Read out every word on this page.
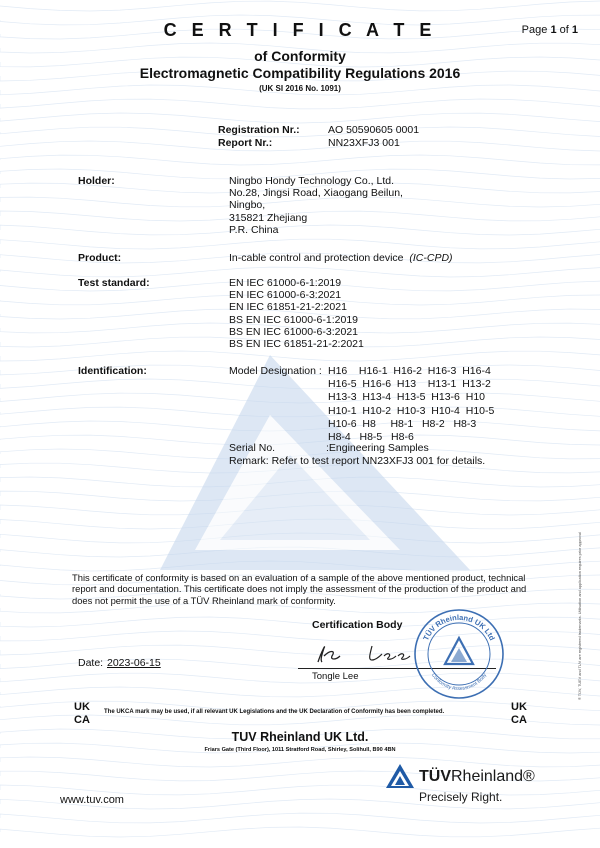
Page 1 of 1
C E R T I F I C A T E
of Conformity
Electromagnetic Compatibility Regulations 2016
(UK SI 2016 No. 1091)
Registration Nr.:	AO 50590605 0001
Report Nr.:	NN23XFJ3 001
Holder:	Ningbo Hondy Technology Co., Ltd.
No.28, Jingsi Road, Xiaogang Beilun,
Ningbo,
315821 Zhejiang
P.R. China
Product:	In-cable control and protection device (IC-CPD)
Test standard:	EN IEC 61000-6-1:2019
EN IEC 61000-6-3:2021
EN IEC 61851-21-2:2021
BS EN IEC 61000-6-1:2019
BS EN IEC 61000-6-3:2021
BS EN IEC 61851-21-2:2021
Identification:	Model Designation : H16    H16-1  H16-2  H16-3  H16-4
H16-5  H16-6  H13    H13-1  H13-2
H13-3  H13-4  H13-5  H13-6  H10
H10-1  H10-2  H10-3  H10-4  H10-5
H10-6  H8     H8-1   H8-2   H8-3
H8-4   H8-5   H8-6
Serial No.	:Engineering Samples
Remark: Refer to test report NN23XFJ3 001 for details.
This certificate of conformity is based on an evaluation of a sample of the above mentioned product, technical report and documentation. This certificate does not imply the assessment of the production of the product and does not permit the use of a TÜV Rheinland mark of conformity.
Certification Body
Tongle Lee
Date: 2023-06-15
TÜV Rheinland UK Ltd
Conformity Assessment Body
UK
CA
The UKCA mark may be used, if all relevant UK Legislations and the UK Declaration of Conformity has been completed.	UK
CA
TUV Rheinland UK Ltd.
Friars Gate (Third Floor), 1011 Stratford Road, Shirley, Solihull, B90 4BN
www.tuv.com
TÜVRheinland®
Precisely Right.
® TÜV, TUEV and TUV are registered trademarks. Utilisation and application requires prior approval
